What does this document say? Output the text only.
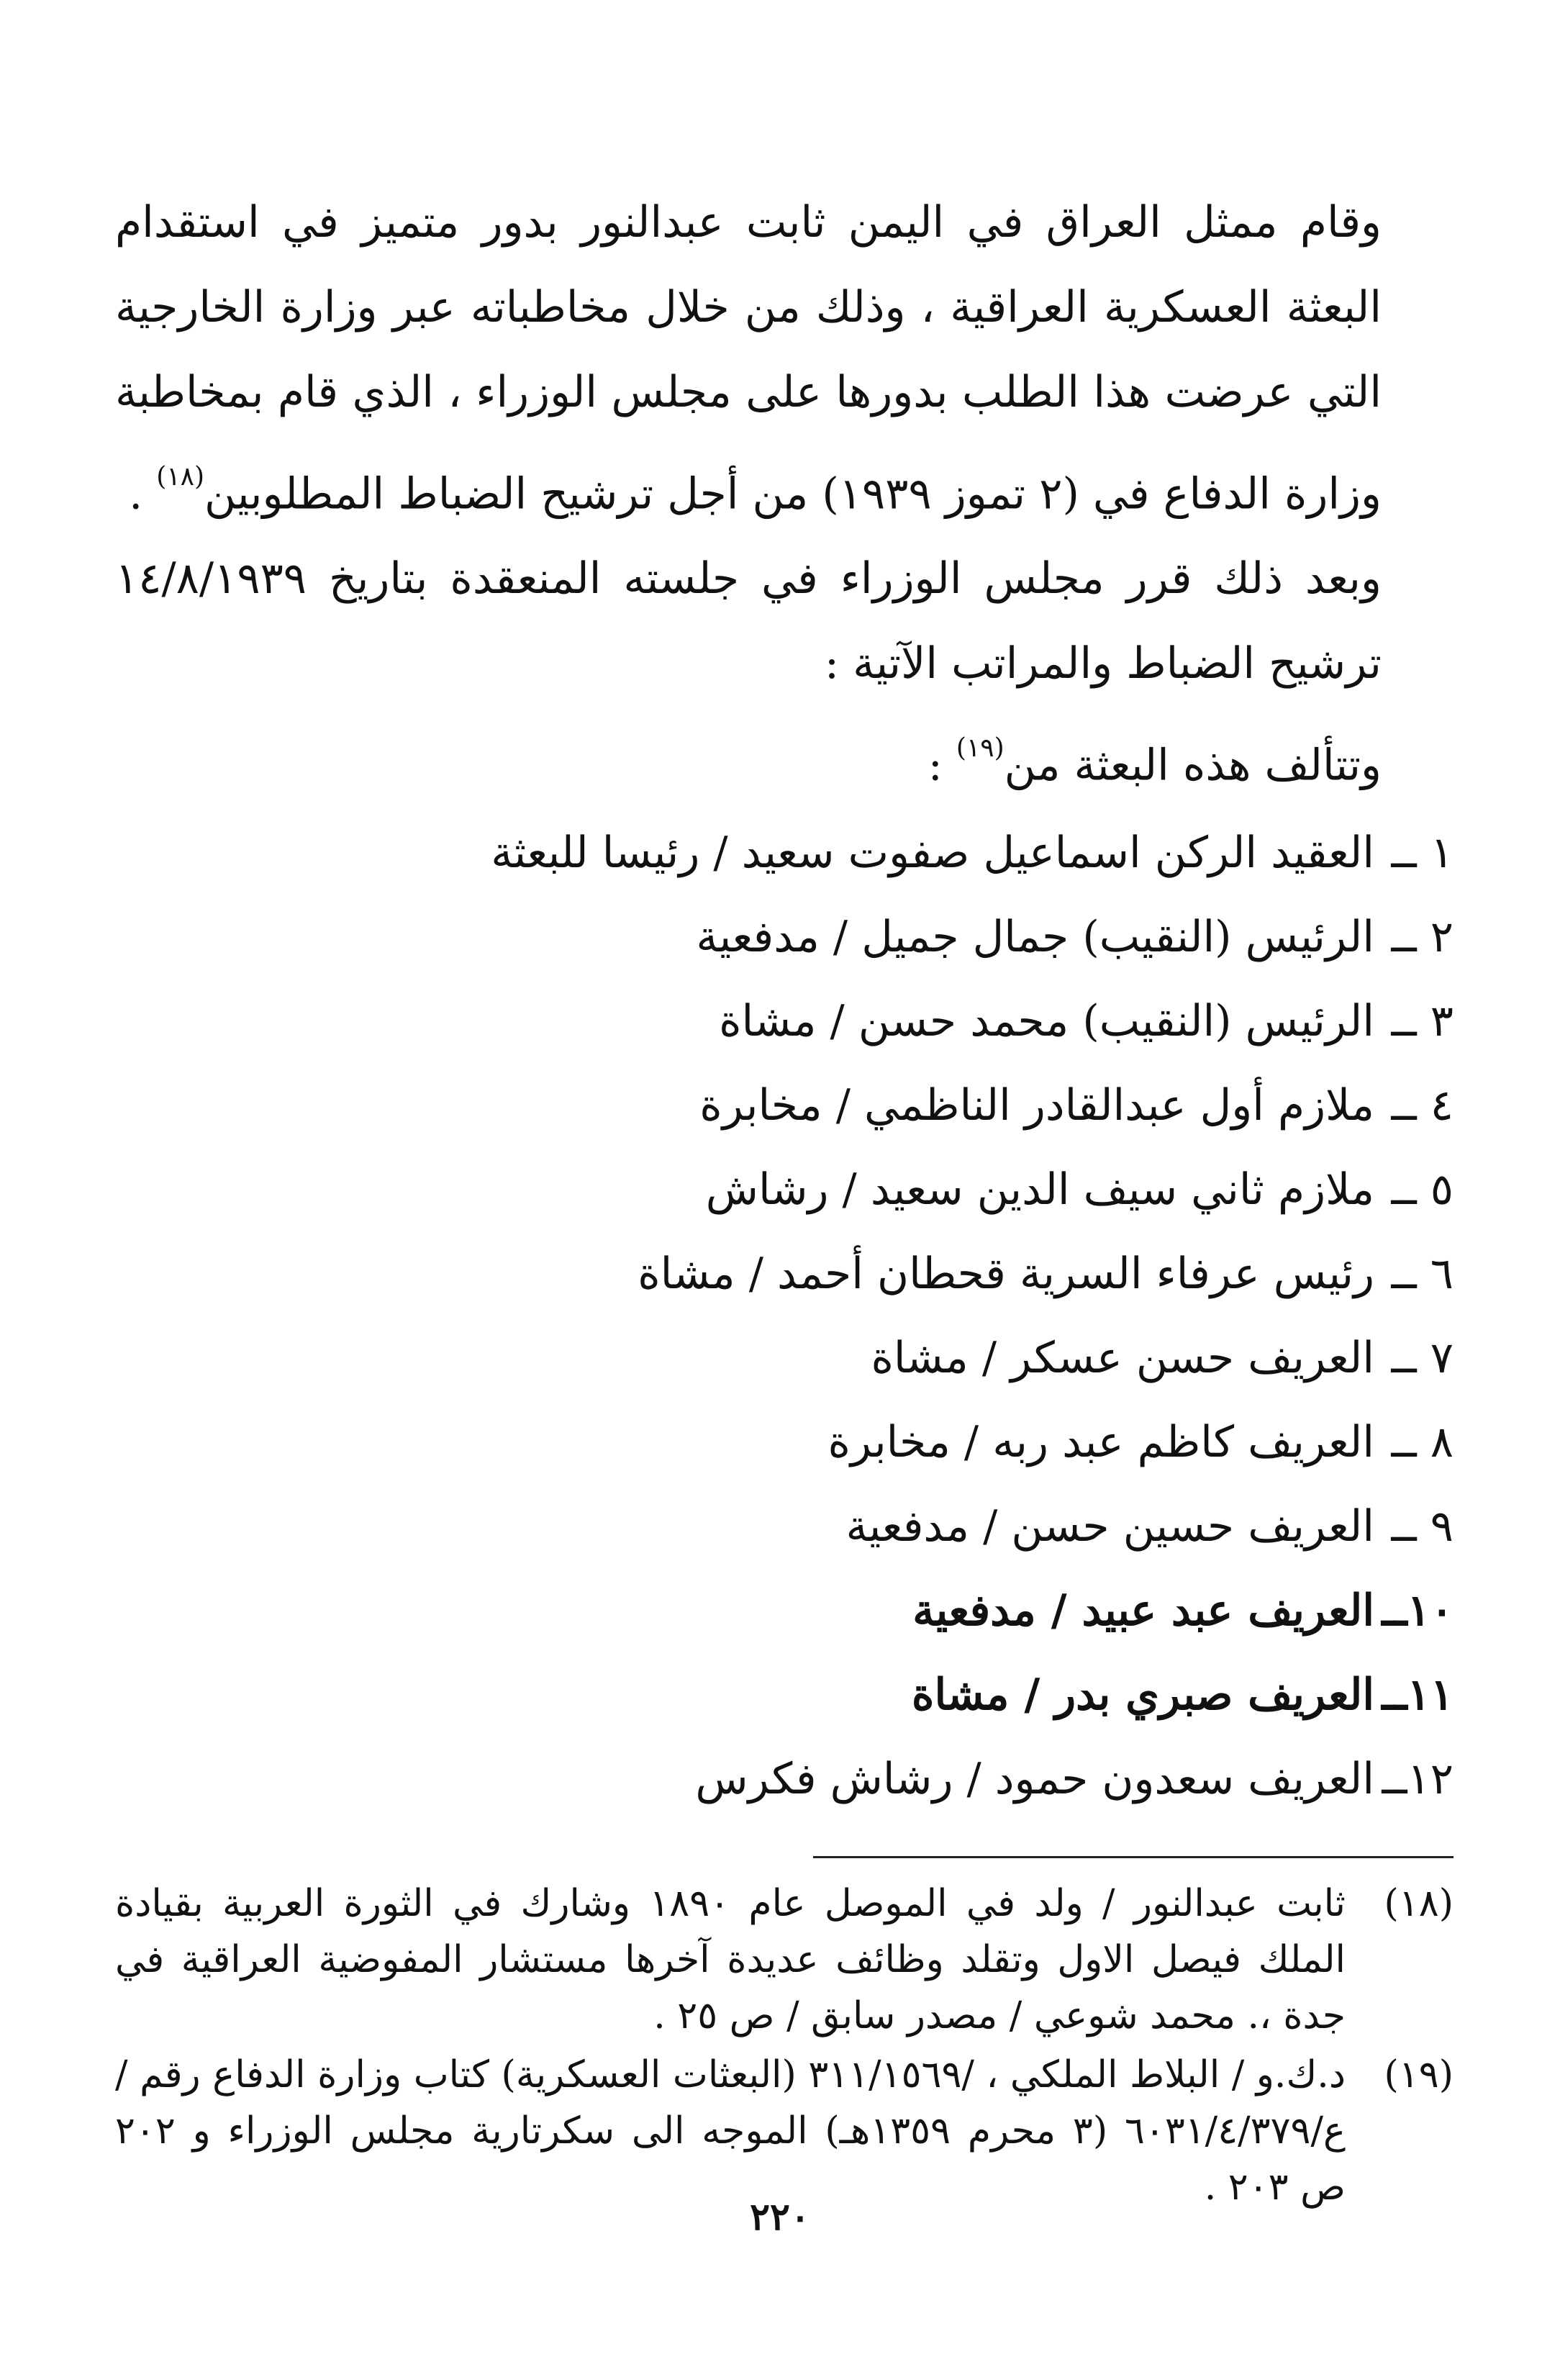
وقام ممثل العراق في اليمن ثابت عبدالنور بدور متميز في استقدام البعثة العسكرية العراقية ، وذلك من خلال مخاطباته عبر وزارة الخارجية التي عرضت هذا الطلب بدورها على مجلس الوزراء ، الذي قام بمخاطبة وزارة الدفاع في (٢ تموز ١٩٣٩) من أجل ترشيح الضباط المطلوبين$^{(١٨)}$ .
وبعد ذلك قرر مجلس الوزراء في جلسته المنعقدة بتاريخ ١٤/٨/١٩٣٩ ترشيح الضباط والمراتب الآتية :
وتتألف هذه البعثة من$^{(١٩)}$ :
١ ــ
العقيد الركن اسماعيل صفوت سعيد / رئيسا للبعثة
٢ ــ
الرئيس (النقيب) جمال جميل / مدفعية
٣ ــ
الرئيس (النقيب) محمد حسن / مشاة
٤ ــ
ملازم أول عبدالقادر الناظمي / مخابرة
٥ ــ
ملازم ثاني سيف الدين سعيد / رشاش
٦ ــ
رئيس عرفاء السرية قحطان أحمد / مشاة
٧ ــ
العريف حسن عسكر / مشاة
٨ ــ
العريف كاظم عبد ربه / مخابرة
٩ ــ
العريف حسين حسن / مدفعية
١٠ــ
العريف عبد عبيد / مدفعية
١١ــ
العريف صبري بدر / مشاة
١٢ــ
العريف سعدون حمود / رشاش فكرس
(١٨)
ثابت عبدالنور / ولد في الموصل عام ١٨٩٠ وشارك في الثورة العربية بقيادة الملك فيصل الاول وتقلد وظائف عديدة آخرها مستشار المفوضية العراقية في جدة ،. محمد شوعي / مصدر سابق / ص ٢٥ .
(١٩)
د.ك.و / البلاط الملكي ، /٣١١/١٥٦٩ (البعثات العسكرية) كتاب وزارة الدفاع رقم /ع/٦٠٣١/٤/٣٧٩ (٣ محرم ١٣٥٩هـ) الموجه الى سكرتارية مجلس الوزراء و ٢٠٢ ص ٢٠٣ .
٢٢٠
